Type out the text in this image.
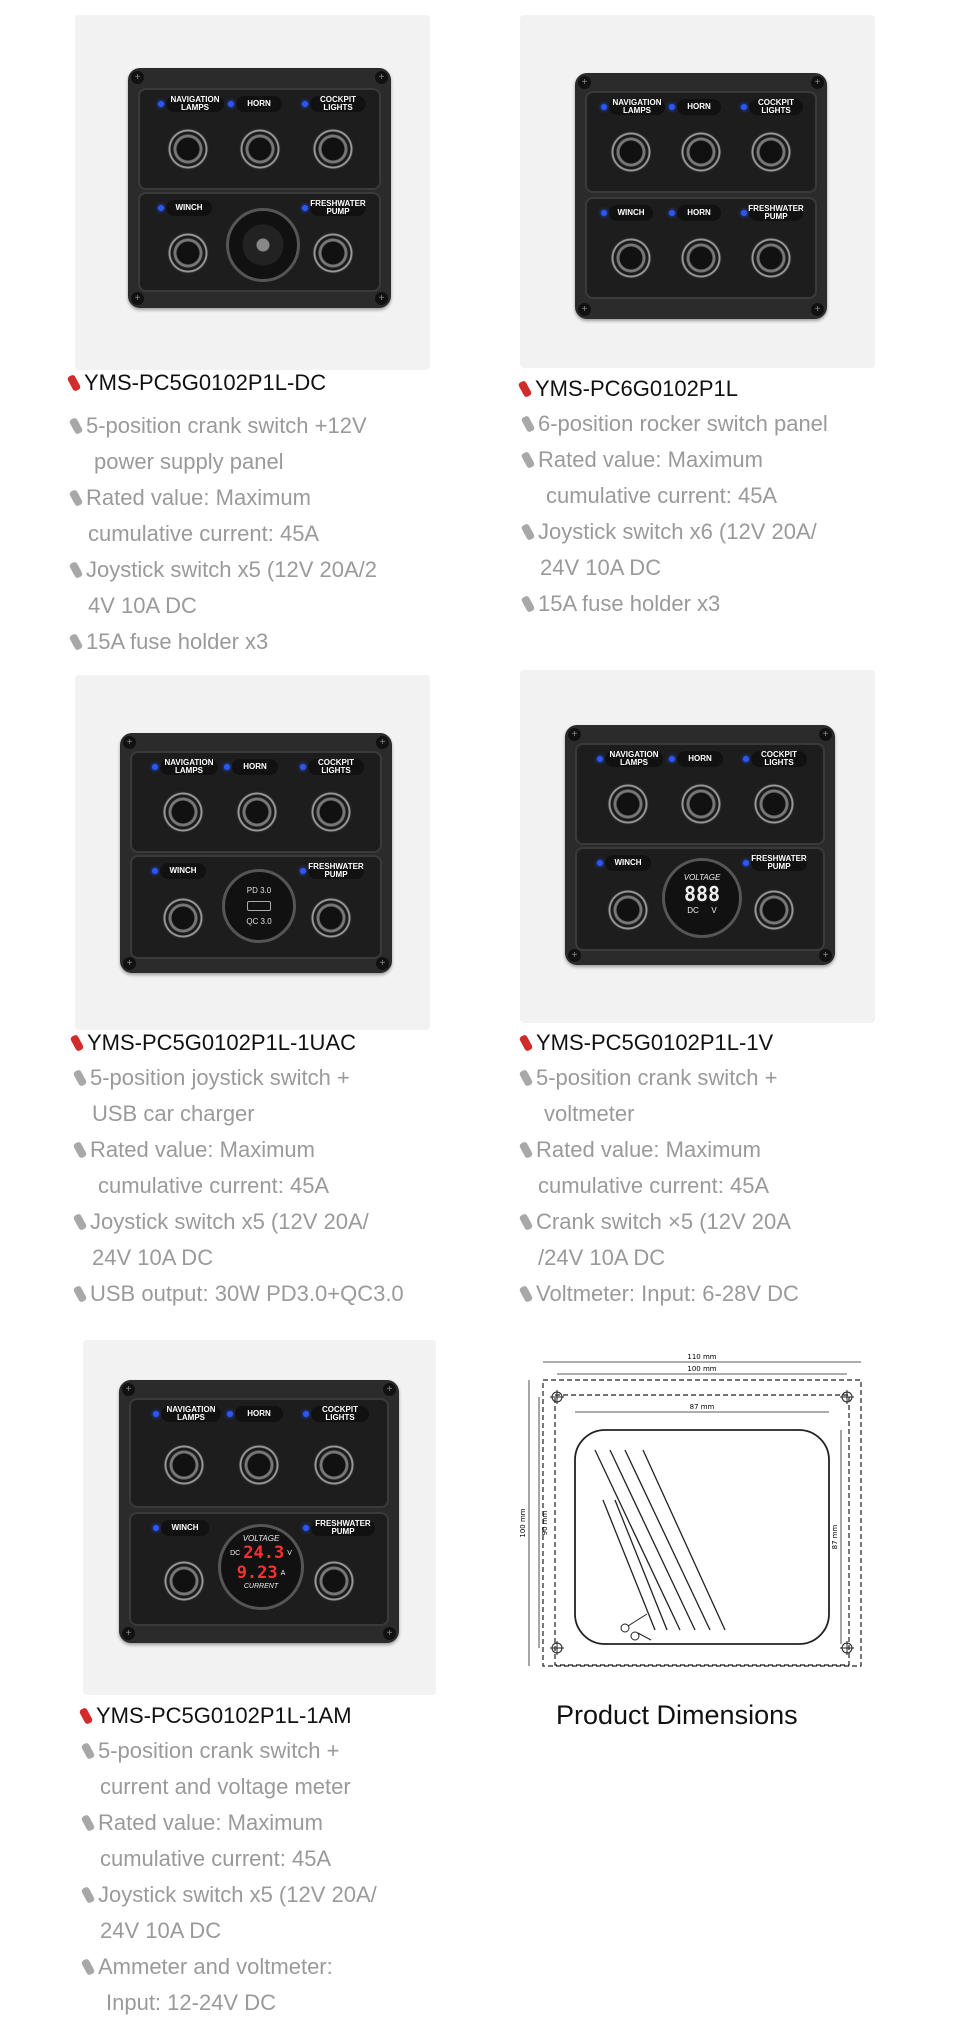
+	+
+	+
NAVIGATION LAMPS	HORN	COCKPIT LIGHTS
WINCH	FRESHWATER PUMP
YMS-PC5G0102P1L-DC
5-position crank switch +12V
power supply panel
Rated value: Maximum
cumulative current: 45A
Joystick switch x5 (12V 20A/2
4V 10A DC
15A fuse holder x3
+	+
+	+
NAVIGATION LAMPS	HORN	COCKPIT LIGHTS
WINCH	HORN	FRESHWATER PUMP
YMS-PC6G0102P1L
6-position rocker switch panel
Rated value: Maximum
cumulative current: 45A
Joystick switch x6 (12V 20A/
24V 10A DC
15A fuse holder x3
+	+
+	+
NAVIGATION LAMPS	HORN	COCKPIT LIGHTS
WINCH	FRESHWATER PUMP
PD 3.0
QC 3.0
YMS-PC5G0102P1L-1UAC
5-position joystick switch +
USB car charger
Rated value: Maximum
cumulative current: 45A
Joystick switch x5 (12V 20A/
24V 10A DC
USB output: 30W PD3.0+QC3.0
+	+
+	+
NAVIGATION LAMPS	HORN	COCKPIT LIGHTS
WINCH	FRESHWATER PUMP
VOLTAGE
888
DC V
YMS-PC5G0102P1L-1V
5-position crank switch +
voltmeter
Rated value: Maximum
cumulative current: 45A
Crank switch ×5 (12V 20A
/24V 10A DC
Voltmeter: Input: 6-28V DC
+	+
+	+
NAVIGATION LAMPS	HORN	COCKPIT LIGHTS
WINCH	FRESHWATER PUMP
VOLTAGE
DC 24.3 V
9.23 A
CURRENT
YMS-PC5G0102P1L-1AM
5-position crank switch +
current and voltage meter
Rated value: Maximum
cumulative current: 45A
Joystick switch x5 (12V 20A/
24V 10A DC
Ammeter and voltmeter:
Input: 12-24V DC
110 mm
100 mm
87 mm
100 mm 90 mm
87 mm
Product Dimensions
